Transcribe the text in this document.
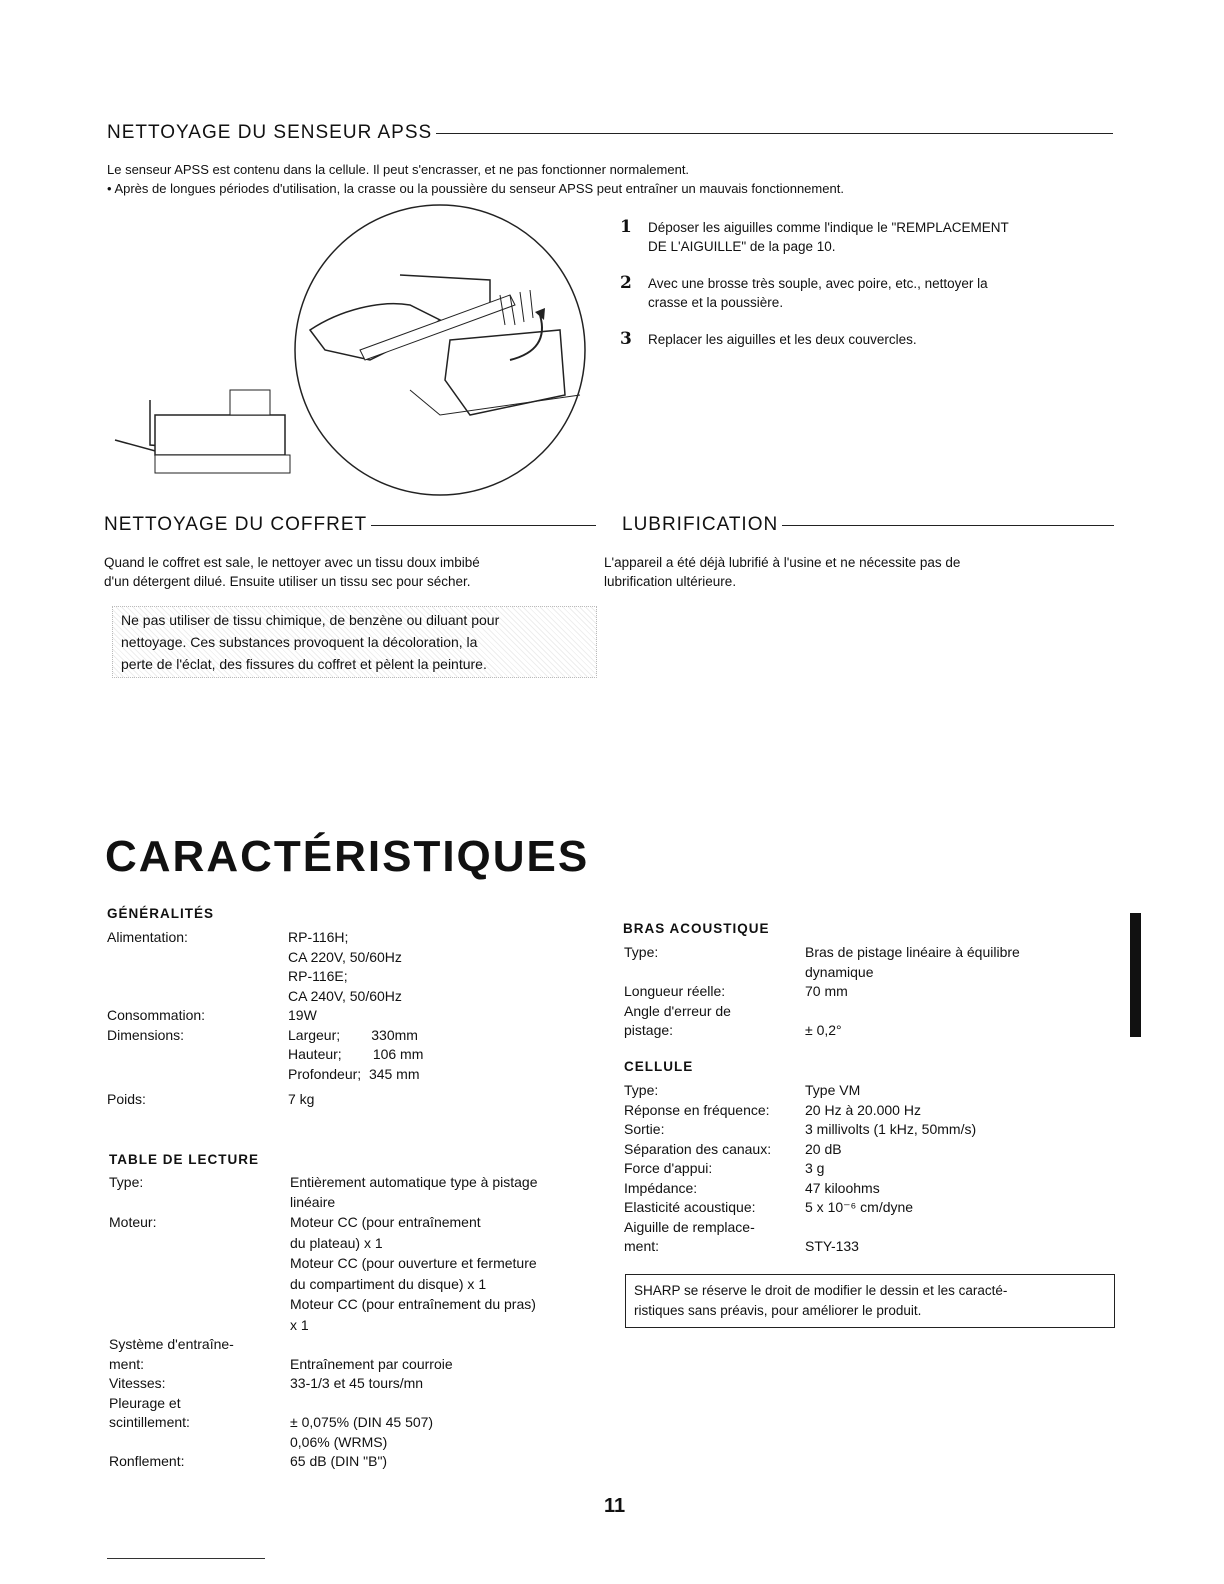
NETTOYAGE DU SENSEUR APSS
Le senseur APSS est contenu dans la cellule. Il peut s'encrasser, et ne pas fonctionner normalement.
• Après de longues périodes d'utilisation, la crasse ou la poussière du senseur APSS peut entraîner un mauvais fonctionnement.
1	Déposer les aiguilles comme l'indique le "REMPLACEMENT
DE L'AIGUILLE" de la page 10.
2	Avec une brosse très souple, avec poire, etc., nettoyer la
crasse et la poussière.
3	Replacer les aiguilles et les deux couvercles.
NETTOYAGE DU COFFRET
Quand le coffret est sale, le nettoyer avec un tissu doux imbibé
d'un détergent dilué. Ensuite utiliser un tissu sec pour sécher.
Ne pas utiliser de tissu chimique, de benzène ou diluant pour
nettoyage. Ces substances provoquent la décoloration, la
perte de l'éclat, des fissures du coffret et pèlent la peinture.
LUBRIFICATION
L'appareil a été déjà lubrifié à l'usine et ne nécessite pas de
lubrification ultérieure.
CARACTÉRISTIQUES
GÉNÉRALITÉS
Alimentation:	RP-116H;
CA 220V, 50/60Hz
RP-116E;
CA 240V, 50/60Hz
Consommation:	19W
Dimensions:	Largeur;        330mm
Hauteur;        106 mm
Profondeur;  345 mm
Poids:	7 kg
TABLE DE LECTURE
Type:	Entièrement automatique type à pistage
linéaire
Moteur:	Moteur CC (pour entraînement
du plateau) x 1
Moteur CC (pour ouverture et fermeture
du compartiment du disque) x 1
Moteur CC (pour entraînement du pras)
x 1
Système d'entraîne-
ment:	
Entraînement par courroie
Vitesses:	33-1/3 et 45 tours/mn
Pleurage et
scintillement:	
± 0,075% (DIN 45 507)
0,06% (WRMS)
Ronflement:	65 dB (DIN "B")
BRAS ACOUSTIQUE
Type:	Bras de pistage linéaire à équilibre
dynamique
Longueur réelle:	70 mm
Angle d'erreur de
pistage:	
± 0,2°
CELLULE
Type:	Type VM
Réponse en fréquence:	20 Hz à 20.000 Hz
Sortie:	3 millivolts (1 kHz, 50mm/s)
Séparation des canaux:	20 dB
Force d'appui:	3 g
Impédance:	47 kiloohms
Elasticité acoustique:	5 x 10⁻⁶ cm/dyne
Aiguille de remplace-
ment:	
STY-133
SHARP se réserve le droit de modifier le dessin et les caracté-
ristiques sans préavis, pour améliorer le produit.
11
